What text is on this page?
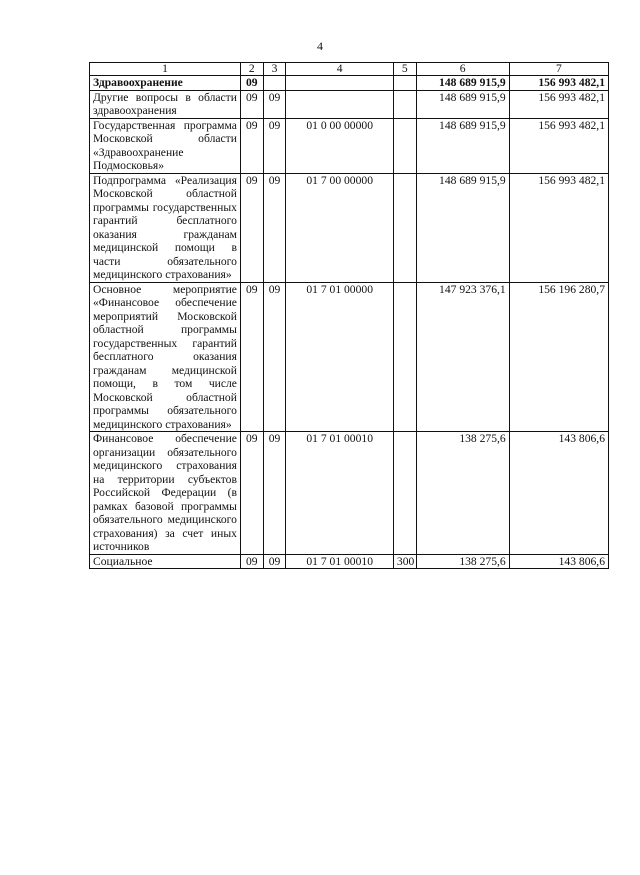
4
1	2	3	4	5	6	7
Здравоохранение	09				148 689 915,9	156 993 482,1
Другие вопросы в области здравоохранения	09	09			148 689 915,9	156 993 482,1
Государственная программа Московской области «Здравоохранение Подмосковья»	09	09	01 0 00 00000		148 689 915,9	156 993 482,1
Подпрограмма «Реализация Московской областной программы государственных гарантий бесплатного оказания гражданам медицинской помощи в части обязательного медицинского страхования»	09	09	01 7 00 00000		148 689 915,9	156 993 482,1
Основное мероприятие «Финансовое обеспечение мероприятий Московской областной программы государственных гарантий бесплатного оказания гражданам медицинской помощи, в том числе Московской областной программы обязательного медицинского страхования»	09	09	01 7 01 00000		147 923 376,1	156 196 280,7
Финансовое обеспечение организации обязательного медицинского страхования на территории субъектов Российской Федерации (в рамках базовой программы обязательного медицинского страхования) за счет иных источников	09	09	01 7 01 00010		138 275,6	143 806,6
Социальное	09	09	01 7 01 00010	300	138 275,6	143 806,6
